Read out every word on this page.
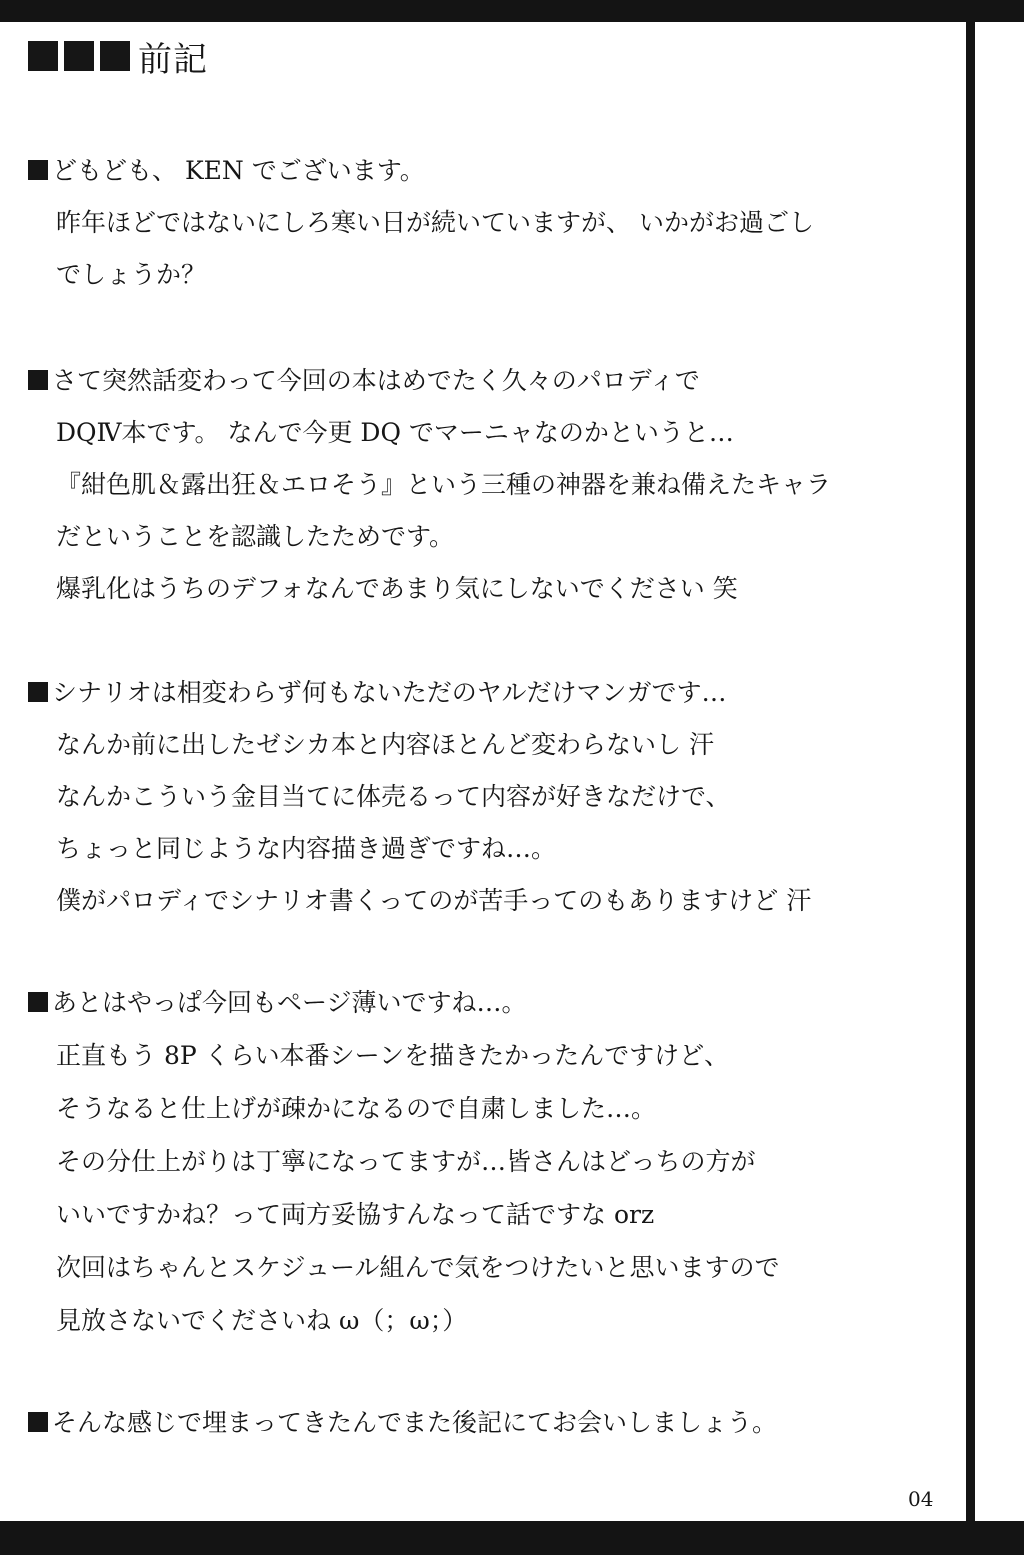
前記
どもども、 KEN でございます。
昨年ほどではないにしろ寒い日が続いていますが、 いかがお過ごし
でしょうか？
さて突然話変わって今回の本はめでたく久々のパロディで
DQⅣ本です。 なんで今更 DQ でマーニャなのかというと…
『紺色肌＆露出狂＆エロそう』という三種の神器を兼ね備えたキャラ
だということを認識したためです。
爆乳化はうちのデフォなんであまり気にしないでください 笑
シナリオは相変わらず何もないただのヤルだけマンガです…
なんか前に出したゼシカ本と内容ほとんど変わらないし 汗
なんかこういう金目当てに体売るって内容が好きなだけで、
ちょっと同じような内容描き過ぎですね…。
僕がパロディでシナリオ書くってのが苦手ってのもありますけど 汗
あとはやっぱ今回もページ薄いですね…。
正直もう 8P くらい本番シーンを描きたかったんですけど、
そうなると仕上げが疎かになるので自粛しました…。
その分仕上がりは丁寧になってますが…皆さんはどっちの方が
いいですかね？って両方妥協すんなって話ですな orz
次回はちゃんとスケジュール組んで気をつけたいと思いますので
見放さないでくださいね ω（；ω；）
そんな感じで埋まってきたんでまた後記にてお会いしましょう。
04
